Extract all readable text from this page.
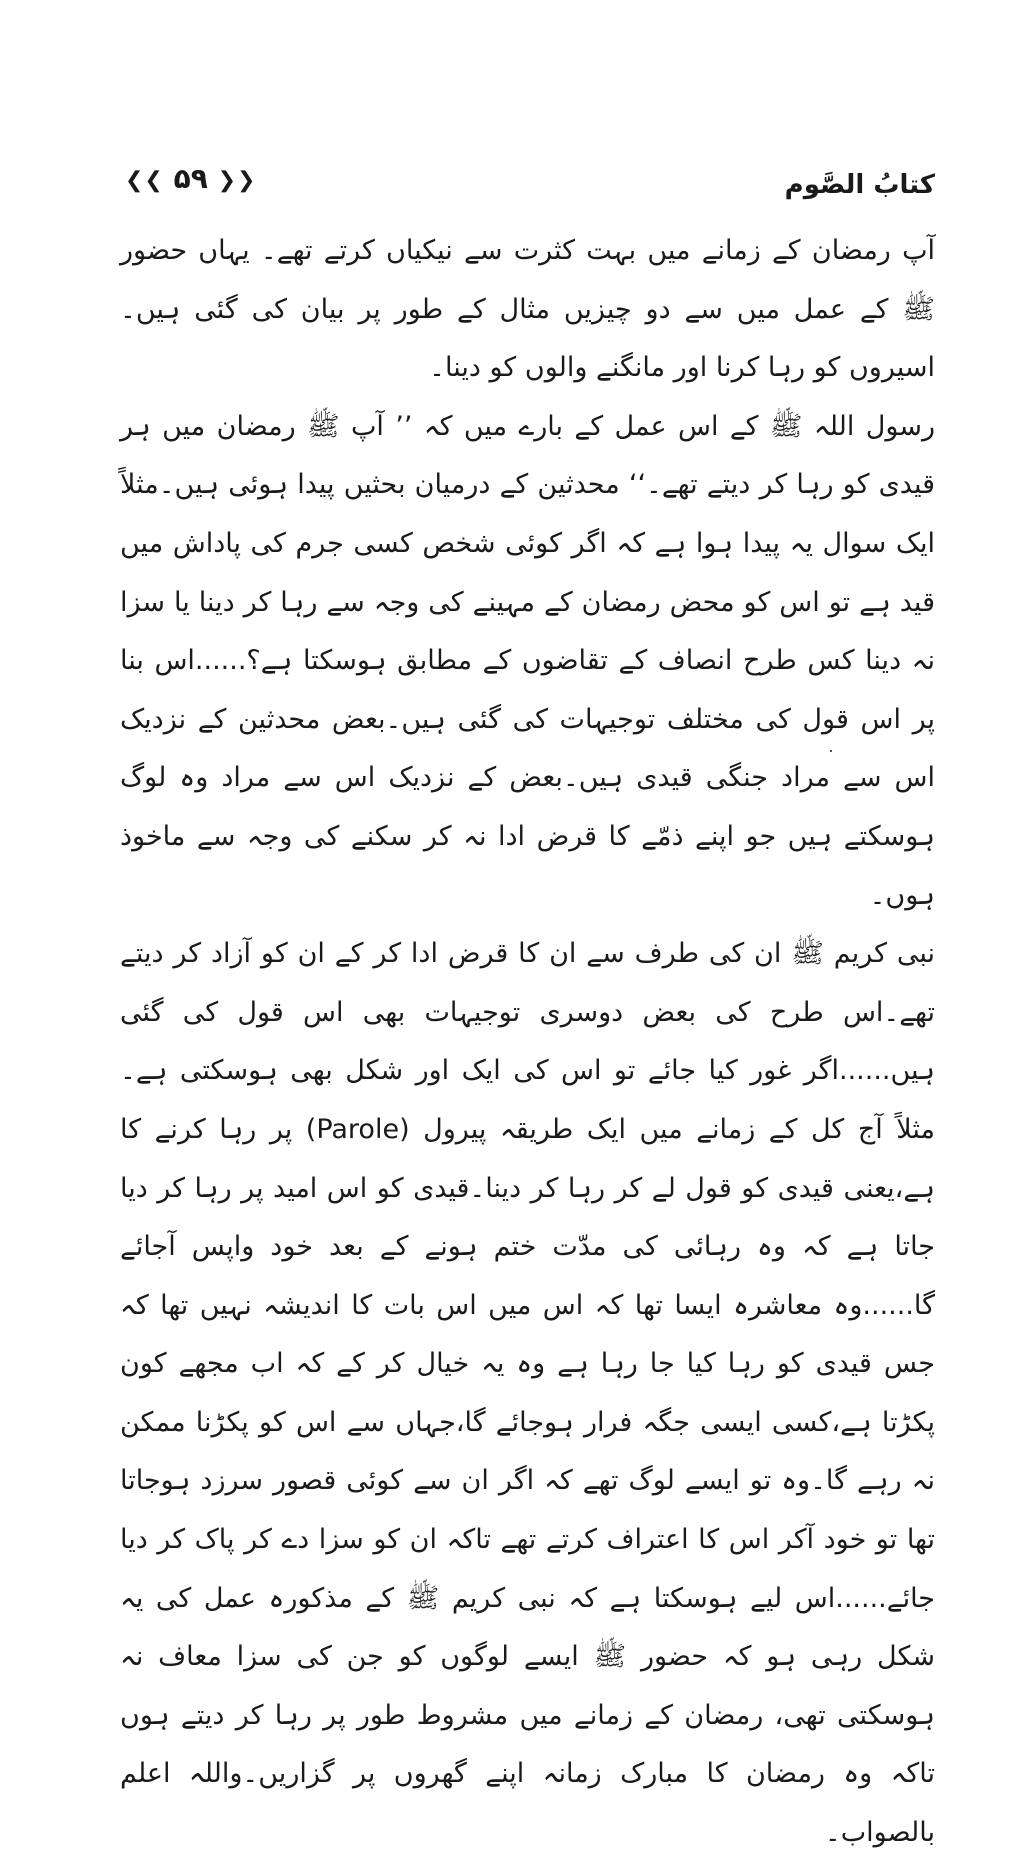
کتابُ الصَّوم
❮❮ ۵۹ ❯❯

آپ رمضان کے زمانے میں بہت کثرت سے نیکیاں کرتے تھے۔ یہاں حضور ﷺ کے عمل میں سے دو چیزیں مثال کے طور پر بیان کی گئی ہیں۔اسیروں کو رہا کرنا اور مانگنے والوں کو دینا۔

رسول اللہ ﷺ کے اس عمل کے بارے میں کہ ’’ آپ ﷺ رمضان میں ہر قیدی کو رہا کر دیتے تھے۔‘‘ محدثین کے درمیان بحثیں پیدا ہوئی ہیں۔مثلاً ایک سوال یہ پیدا ہوا ہے کہ اگر کوئی شخص کسی جرم کی پاداش میں قید ہے تو اس کو محض رمضان کے مہینے کی وجہ سے رہا کر دینا یا سزا نہ دینا کس طرح انصاف کے تقاضوں کے مطابق ہوسکتا ہے؟......اس بنا پر اس قول کی مختلف توجیہات کی گئی ہیں۔بعض محدثین کے نزدیک اس سے مراد جنگی قیدی ہیں۔بعض کے نزدیک اس سے مراد وہ لوگ ہوسکتے ہیں جو اپنے ذمّے کا قرض ادا نہ کر سکنے کی وجہ سے ماخوذ ہوں۔

نبی کریم ﷺ ان کی طرف سے ان کا قرض ادا کر کے ان کو آزاد کر دیتے تھے۔اس طرح کی بعض دوسری توجیہات بھی اس قول کی گئی ہیں......اگر غور کیا جائے تو اس کی ایک اور شکل بھی ہوسکتی ہے۔ مثلاً آج کل کے زمانے میں ایک طریقہ پیرول (Parole) پر رہا کرنے کا ہے،یعنی قیدی کو قول لے کر رہا کر دینا۔قیدی کو اس امید پر رہا کر دیا جاتا ہے کہ وہ رہائی کی مدّت ختم ہونے کے بعد خود واپس آجائے گا......وہ معاشرہ ایسا تھا کہ اس میں اس بات کا اندیشہ نہیں تھا کہ جس قیدی کو رہا کیا جا رہا ہے وہ یہ خیال کر کے کہ اب مجھے کون پکڑتا ہے،کسی ایسی جگہ فرار ہوجائے گا،جہاں سے اس کو پکڑنا ممکن نہ رہے گا۔وہ تو ایسے لوگ تھے کہ اگر ان سے کوئی قصور سرزد ہوجاتا تھا تو خود آکر اس کا اعتراف کرتے تھے تاکہ ان کو سزا دے کر پاک کر دیا جائے......اس لیے ہوسکتا ہے کہ نبی کریم ﷺ کے مذکورہ عمل کی یہ شکل رہی ہو کہ حضور ﷺ ایسے لوگوں کو جن کی سزا معاف نہ ہوسکتی تھی، رمضان کے زمانے میں مشروط طور پر رہا کر دیتے ہوں تاکہ وہ رمضان کا مبارک زمانہ اپنے گھروں پر گزاریں۔واللہ اعلم بالصواب۔
